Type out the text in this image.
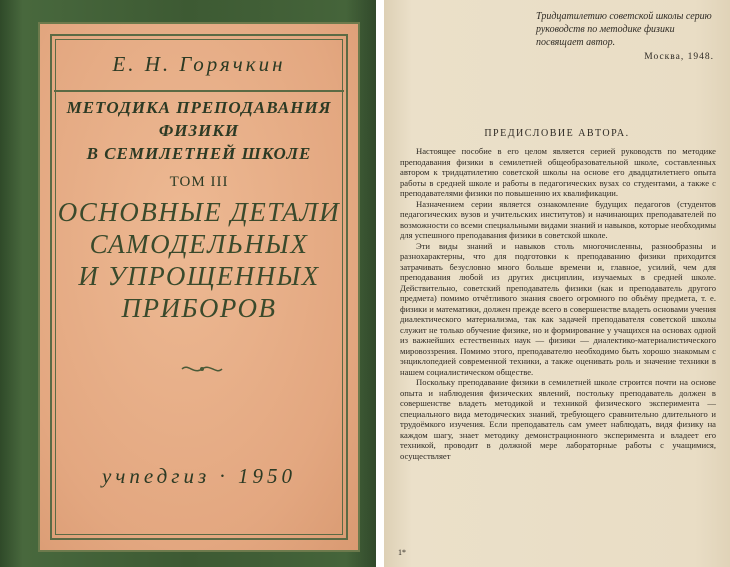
Е. Н. Горячкин
МЕТОДИКА ПРЕПОДАВАНИЯ
ФИЗИКИ
В СЕМИЛЕТНЕЙ ШКОЛЕ
ТОМ III
ОСНОВНЫЕ ДЕТАЛИ
САМОДЕЛЬНЫХ
И УПРОЩЕННЫХ
ПРИБОРОВ
учпедгиз · 1950
Тридцатилетию советской школы серию руководств по методике физики посвящает автор.
Москва, 1948.
ПРЕДИСЛОВИЕ АВТОРА.

Настоящее пособие в его целом является серией руководств по методике преподавания физики в семилетней общеобразовательной школе, составленных автором к тридцатилетию советской школы на основе его двадцатилетнего опыта работы в средней школе и работы в педагогических вузах со студентами, а также с преподавателями физики по повышению их квалификации.

Назначением серии является ознакомление будущих педагогов (студентов педагогических вузов и учительских институтов) и начинающих преподавателей по возможности со всеми специальными видами знаний и навыков, которые необходимы для успешного преподавания физики в советской школе.

Эти виды знаний и навыков столь многочисленны, разнообразны и разнохарактерны, что для подготовки к преподаванию физики приходится затрачивать безусловно много больше времени и, главное, усилий, чем для преподавания любой из других дисциплин, изучаемых в средней школе. Действительно, советский преподаватель физики (как и преподаватель другого предмета) помимо отчётливого знания своего огромного по объёму предмета, т. е. физики и математики, должен прежде всего в совершенстве владеть основами учения диалектического материализма, так как задачей преподавателя советской школы служит не только обучение физике, но и формирование у учащихся на основах одной из важнейших естественных наук — физики — диалектико-материалистического мировоззрения. Помимо этого, преподавателю необходимо быть хорошо знакомым с энциклопедией современной техники, а также оценивать роль и значение техники в нашем социалистическом обществе.

Поскольку преподавание физики в семилетней школе строится почти на основе опыта и наблюдения физических явлений, постольку преподаватель должен в совершенстве владеть методикой и техникой физического эксперимента — специального вида методических знаний, требующего сравнительно длительного и трудоёмкого изучения. Если преподаватель сам умеет наблюдать, видя физику на каждом шагу, знает методику демонстрационного эксперимента и владеет его техникой, проводит в должной мере лабораторные работы с учащимися, осуществляет

1*
